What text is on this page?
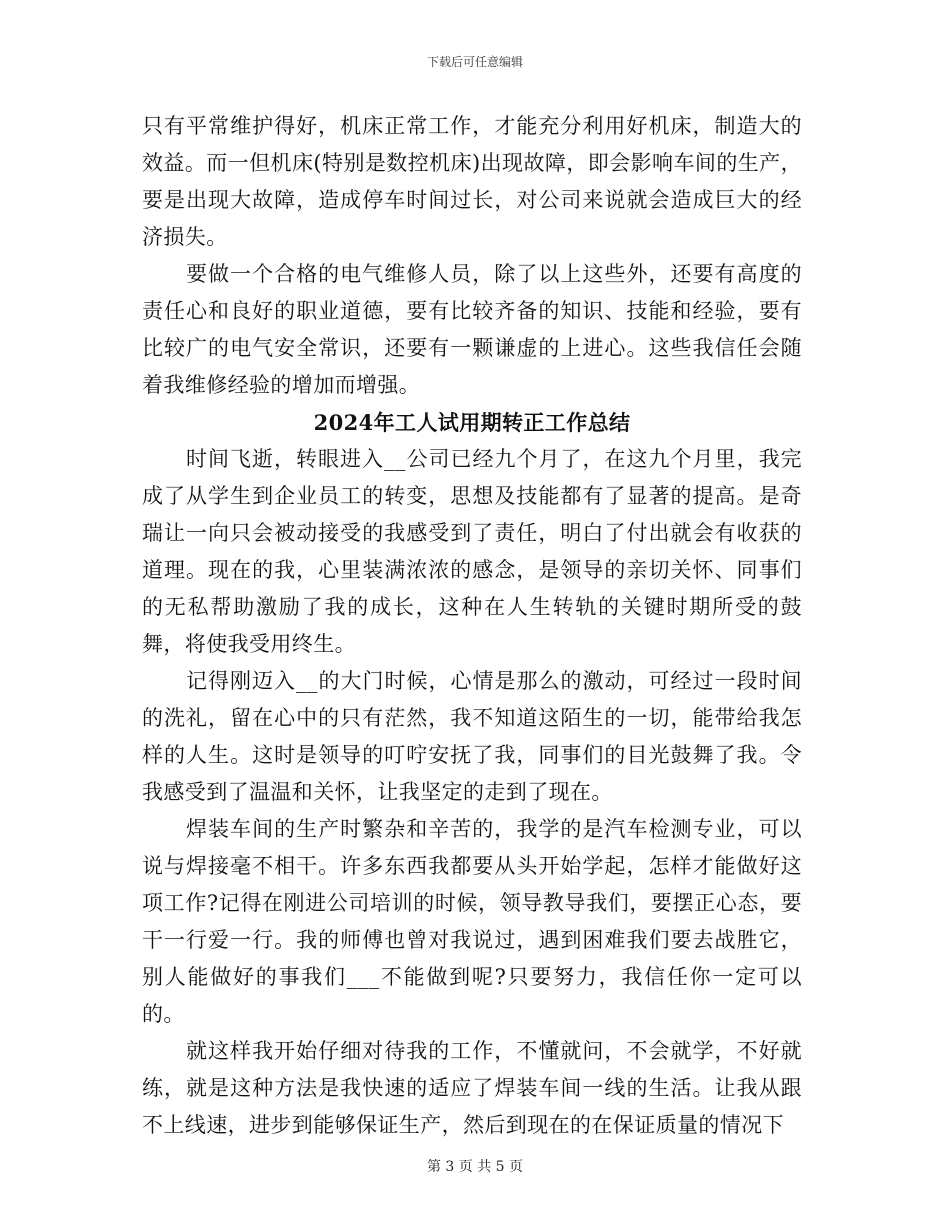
下载后可任意编辑

只有平常维护得好，机床正常工作，才能充分利用好机床，制造大的效益。而一但机床(特别是数控机床)出现故障，即会影响车间的生产，要是出现大故障，造成停车时间过长，对公司来说就会造成巨大的经济损失。

要做一个合格的电气维修人员，除了以上这些外，还要有高度的责任心和良好的职业道德，要有比较齐备的知识、技能和经验，要有比较广的电气安全常识，还要有一颗谦虚的上进心。这些我信任会随着我维修经验的增加而增强。

2024年工人试用期转正工作总结

时间飞逝，转眼进入__公司已经九个月了，在这九个月里，我完成了从学生到企业员工的转变，思想及技能都有了显著的提高。是奇瑞让一向只会被动接受的我感受到了责任，明白了付出就会有收获的道理。现在的我，心里装满浓浓的感念，是领导的亲切关怀、同事们的无私帮助激励了我的成长，这种在人生转轨的关键时期所受的鼓舞，将使我受用终生。

记得刚迈入__的大门时候，心情是那么的激动，可经过一段时间的洗礼，留在心中的只有茫然，我不知道这陌生的一切，能带给我怎样的人生。这时是领导的叮咛安抚了我，同事们的目光鼓舞了我。令我感受到了温温和关怀，让我坚定的走到了现在。

焊装车间的生产时繁杂和辛苦的，我学的是汽车检测专业，可以说与焊接毫不相干。许多东西我都要从头开始学起，怎样才能做好这项工作?记得在刚进公司培训的时候，领导教导我们，要摆正心态，要干一行爱一行。我的师傅也曾对我说过，遇到困难我们要去战胜它，别人能做好的事我们___不能做到呢?只要努力，我信任你一定可以的。

就这样我开始仔细对待我的工作，不懂就问，不会就学，不好就练，就是这种方法是我快速的适应了焊装车间一线的生活。让我从跟不上线速，进步到能够保证生产，然后到现在的在保证质量的情况下

第 3 页 共 5 页
